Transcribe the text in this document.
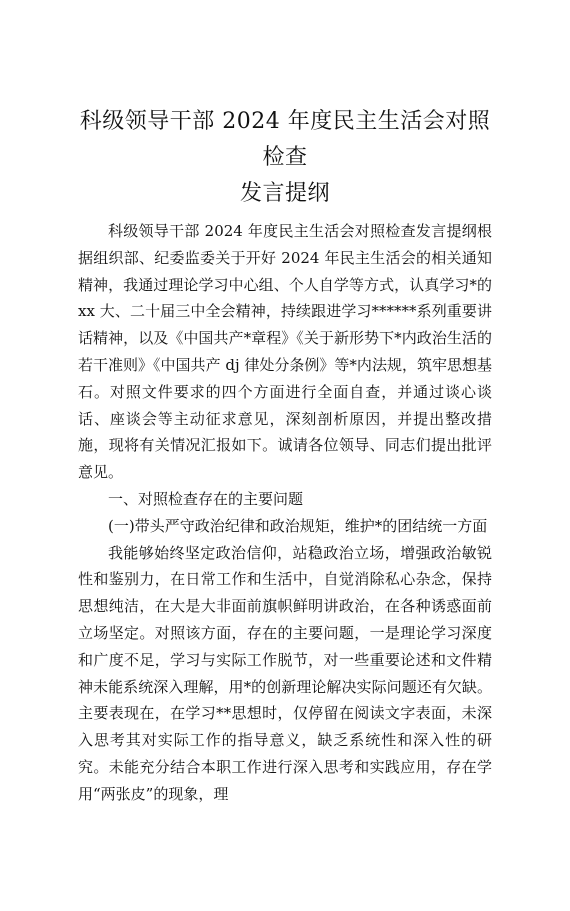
科级领导干部 2024 年度民主生活会对照检查
发言提纲

科级领导干部 2024 年度民主生活会对照检查发言提纲根据组织部、纪委监委关于开好 2024 年民主生活会的相关通知精神，我通过理论学习中心组、个人自学等方式，认真学习*的 xx 大、二十届三中全会精神，持续跟进学习******系列重要讲话精神，以及《中国共产*章程》《关于新形势下*内政治生活的若干准则》《中国共产 dj 律处分条例》等*内法规，筑牢思想基石。对照文件要求的四个方面进行全面自查，并通过谈心谈话、座谈会等主动征求意见，深刻剖析原因，并提出整改措施，现将有关情况汇报如下。诚请各位领导、同志们提出批评意见。

一、对照检查存在的主要问题

(一)带头严守政治纪律和政治规矩，维护*的团结统一方面

我能够始终坚定政治信仰，站稳政治立场，增强政治敏锐性和鉴别力，在日常工作和生活中，自觉消除私心杂念，保持思想纯洁，在大是大非面前旗帜鲜明讲政治，在各种诱惑面前立场坚定。对照该方面，存在的主要问题，一是理论学习深度和广度不足，学习与实际工作脱节，对一些重要论述和文件精神未能系统深入理解，用*的创新理论解决实际问题还有欠缺。主要表现在，在学习**思想时，仅停留在阅读文字表面，未深入思考其对实际工作的指导意义，缺乏系统性和深入性的研究。未能充分结合本职工作进行深入思考和实践应用，存在学用“两张皮”的现象，理
